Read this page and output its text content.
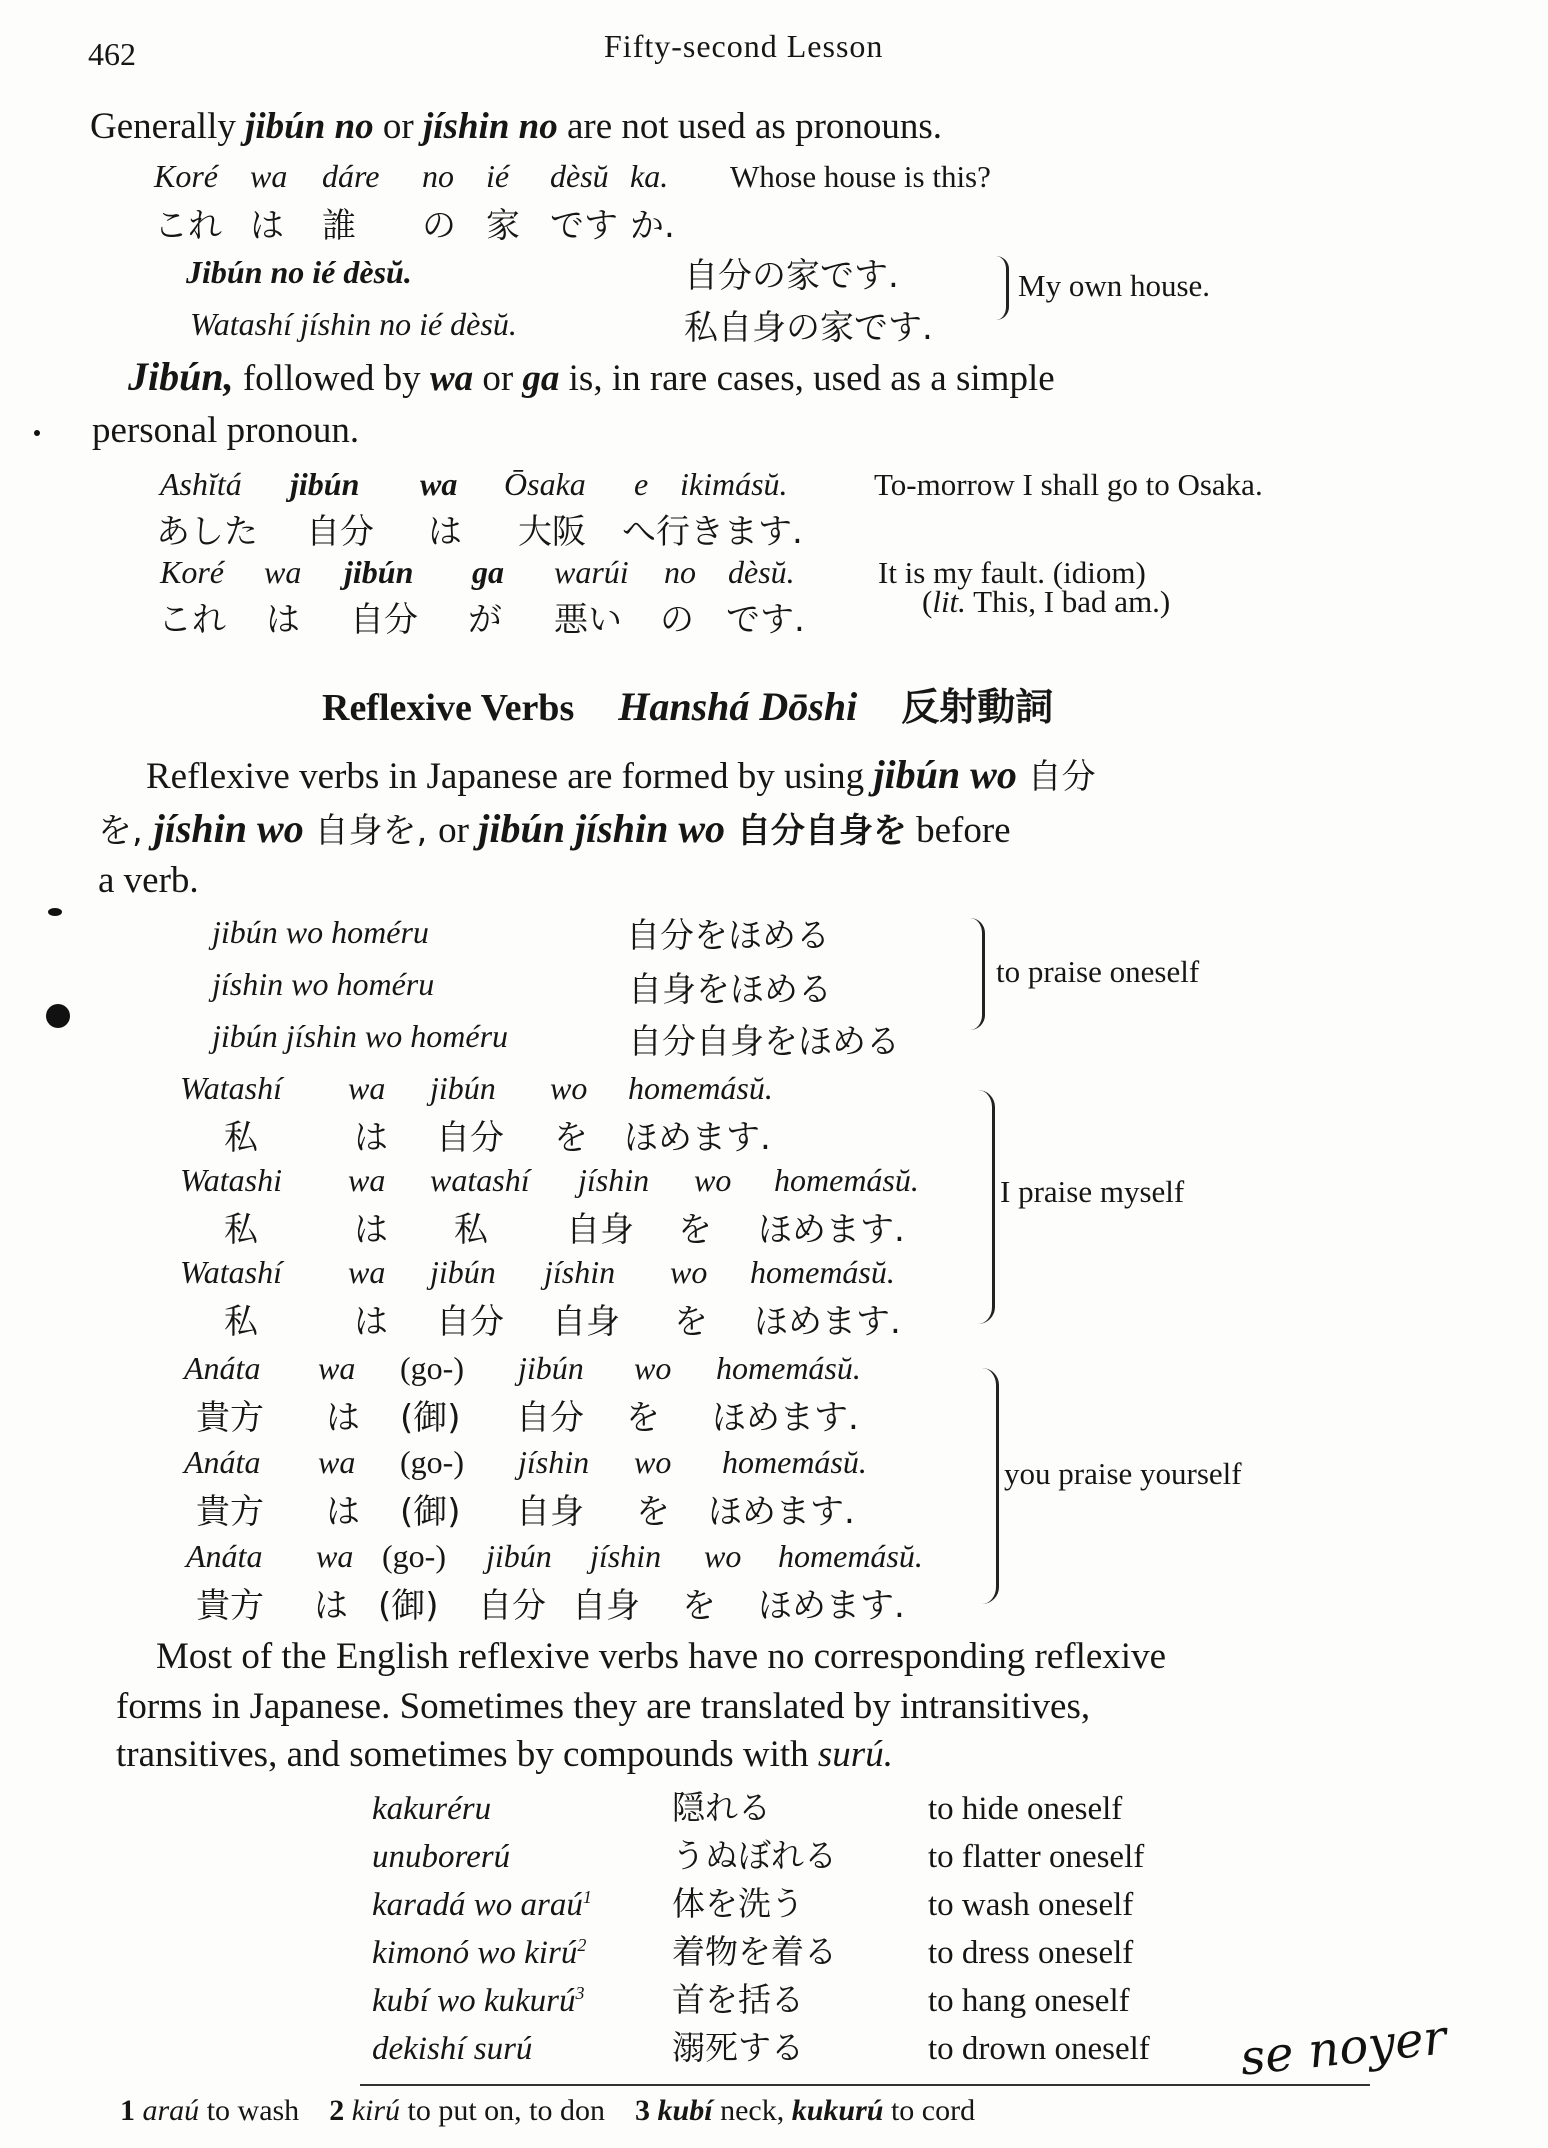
462	Fifty-second Lesson
Generally jibún no or jíshin no are not used as pronouns.
Koré	wa	dáre	no	ié	dèsŭ ka.	Whose house is this?
これ は	誰	の 家 です か.
Jibún no ié dèsŭ.	自分の家です.
Watashí jíshin no ié dèsŭ.	私自身の家です.
My own house.
Jibún, followed by wa or ga is, in rare cases, used as a simple
personal pronoun.
Ashĭtá	jibún	wa	Ōsaka	e ikimásŭ.	To-morrow I shall go to Osaka.
あした	自分	は	大阪	へ行きます.
Koré	wa	jibún	ga	warúi	no	dèsŭ.	It is my fault. (idiom)
これ	は	自分	が	悪い	の です.	(lit. This, I bad am.)
Reflexive Verbs Hanshá Dōshi 反射動詞
Reflexive verbs in Japanese are formed by using jibún wo 自分
を, jíshin wo 自身を, or jibún jíshin wo 自分自身を before
a verb.
jibún wo homéru	自分をほめる
jíshin wo homéru	自身をほめる
jibún jíshin wo homéru	自分自身をほめる
to praise oneself
Watashí	wa	jibún	wo	homemásŭ.
私	は	自分	を	ほめます.
Watashi	wa	watashí	jíshin	wo	homemásŭ.
私	は	私	自身	を	ほめます.
Watashí	wa	jibún	jíshin	wo	homemásŭ.
私	は	自分	自身	を	ほめます.
I praise myself
Anáta	wa	(go-)	jibún	wo	homemásŭ.
貴方	は	(御)	自分	を	ほめます.
Anáta	wa	(go-)	jíshin	wo	homemásŭ.
貴方	は	(御)	自身	を	ほめます.
Anáta	wa (go-)	jibún	jíshin	wo	homemásŭ.
貴方	は (御)	自分 自身	を	ほめます.
you praise yourself
Most of the English reflexive verbs have no corresponding reflexive
forms in Japanese. Sometimes they are translated by intransitives,
transitives, and sometimes by compounds with surú.
kakuréru	隠れる	to hide oneself
unuborerú	うぬぼれる	to flatter oneself
karadá wo araú$^1$	体を洗う	to wash oneself
kimonó wo kirú$^2$	着物を着る	to dress oneself
kubí wo kukurú$^3$	首を括る	to hang oneself
dekishí surú	溺死する	to drown oneself se noyer
1 araú to wash 2 kirú to put on, to don 3 kubí neck, kukurú to cord
